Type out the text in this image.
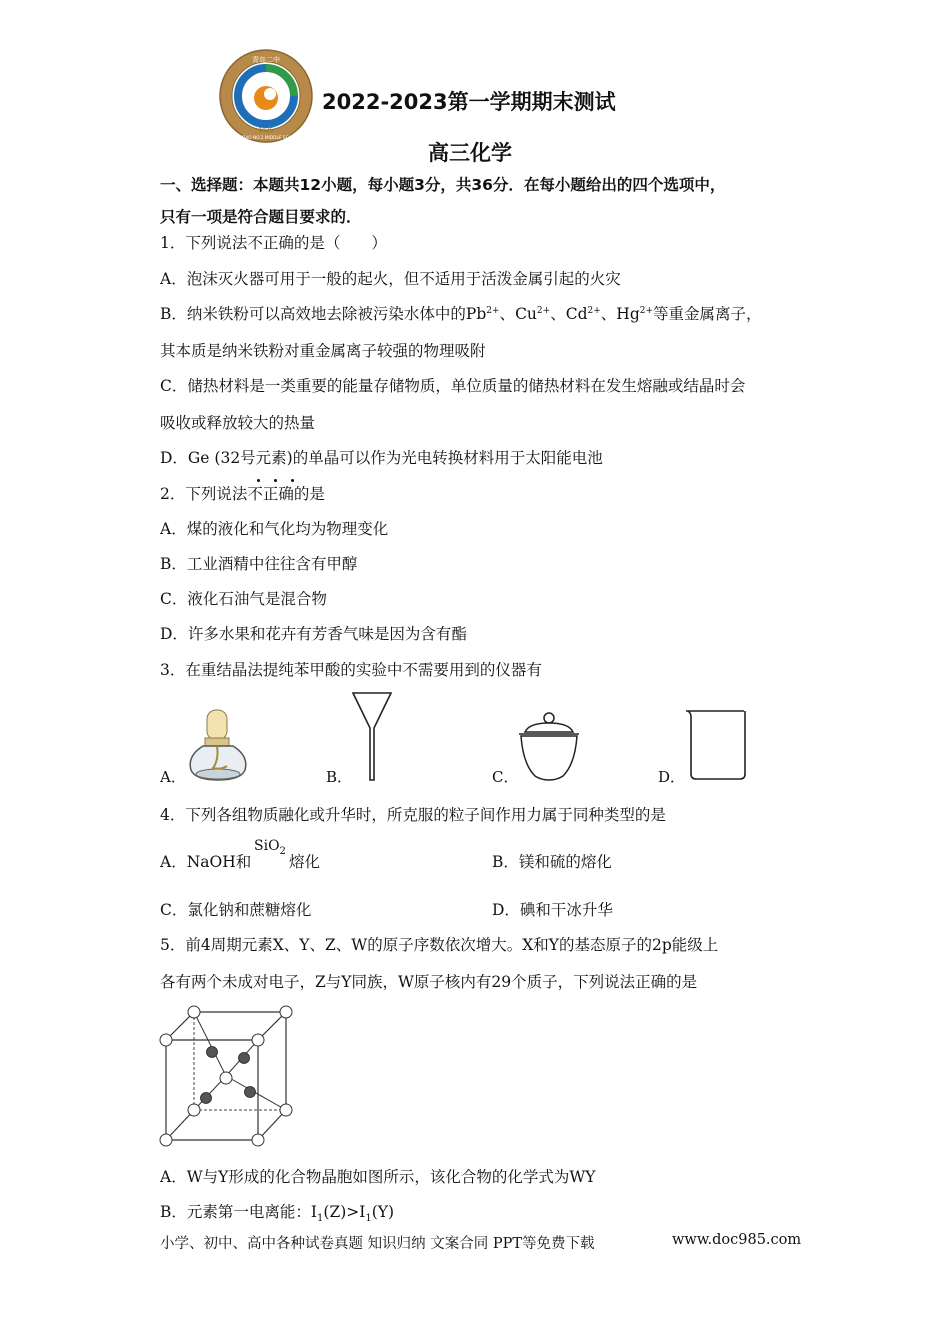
青岛二中
QINGDAO NO.2 MIDDLE SCHOOL
1925
2022-2023第一学期期末测试
高三化学
一、选择题：本题共12小题，每小题3分，共36分．在每小题给出的四个选项中，
只有一项是符合题目要求的．
1．下列说法不正确的是（　　）
A．泡沫灭火器可用于一般的起火，但不适用于活泼金属引起的火灾
B．纳米铁粉可以高效地去除被污染水体中的$Pb^{2+}$、$Cu^{2+}$、$Cd^{2+}$、$Hg^{2+}$等重金属离子，
其本质是纳米铁粉对重金属离子较强的物理吸附
C．储热材料是一类重要的能量存储物质，单位质量的储热材料在发生熔融或结晶时会
吸收或释放较大的热量
D．Ge (32号元素)的单晶可以作为光电转换材料用于太阳能电池
2．下列说法不正确的是
A．煤的液化和气化均为物理变化
B．工业酒精中往往含有甲醇
C．液化石油气是混合物
D．许多水果和花卉有芳香气味是因为含有酯
3．在重结晶法提纯苯甲酸的实验中不需要用到的仪器有
A．	B．	C．	D．
4．下列各组物质融化或升华时，所克服的粒子间作用力属于同种类型的是
A．NaOH和
SiO$_2$
熔化	B．镁和硫的熔化
C．氯化钠和蔗糖熔化	D．碘和干冰升华
5．前4周期元素X、Y、Z、W的原子序数依次增大。X和Y的基态原子的2p能级上
各有两个未成对电子，Z与Y同族，W原子核内有29个质子，下列说法正确的是
A．W与Y形成的化合物晶胞如图所示，该化合物的化学式为WY
B．元素第一电离能：$I_1(Z)>I_1(Y)$
小学、初中、高中各种试卷真题 知识归纳 文案合同 PPT等免费下载	www.doc985.com
